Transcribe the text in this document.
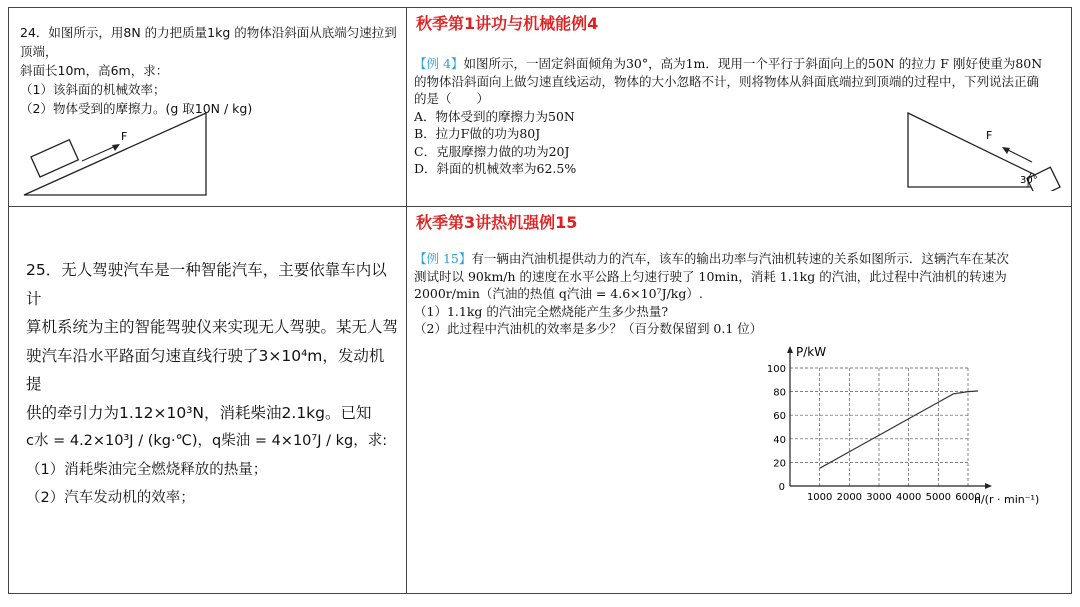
24．如图所示，用8N 的力把质量1kg 的物体沿斜面从底端匀速拉到顶端，

斜面长10m，高6m，求：

（1）该斜面的机械效率；

（2）物体受到的摩擦力。(g 取10N / kg)

F
秋季第1讲功与机械能例4

【例 4】如图所示，一固定斜面倾角为30°，高为1m．现用一个平行于斜面向上的50N 的拉力 F 刚好使重为80N

的物体沿斜面向上做匀速直线运动，物体的大小忽略不计，则将物体从斜面底端拉到顶端的过程中，下列说法正确

的是（　　）

A．物体受到的摩擦力为50N

B．拉力F做的功为80J

C．克服摩擦力做的功为20J

D．斜面的机械效率为62.5%

F
30°

25．无人驾驶汽车是一种智能汽车，主要依靠车内以计

算机系统为主的智能驾驶仪来实现无人驾驶。某无人驾

驶汽车沿水平路面匀速直线行驶了3×10⁴m，发动机提

供的牵引力为1.12×10³N，消耗柴油2.1kg。已知

c水 = 4.2×10³J / (kg·℃)，q柴油 = 4×10⁷J / kg，求:

（1）消耗柴油完全燃烧释放的热量；

（2）汽车发动机的效率；

秋季第3讲热机强例15

【例 15】有一辆由汽油机提供动力的汽车，该车的输出功率与汽油机转速的关系如图所示．这辆汽车在某次

测试时以 90km/h 的速度在水平公路上匀速行驶了 10min，消耗 1.1kg 的汽油，此过程中汽油机的转速为

2000r/min（汽油的热值 q汽油 = 4.6×10⁷J/kg）.

（1）1.1kg 的汽油完全燃烧能产生多少热量?

（2）此过程中汽油机的效率是多少？（百分数保留到 0.1 位）

1000 2000 3000 4000 5000 6000
20
40
60
80
100
0
P/kW
n/(r · min⁻¹)
